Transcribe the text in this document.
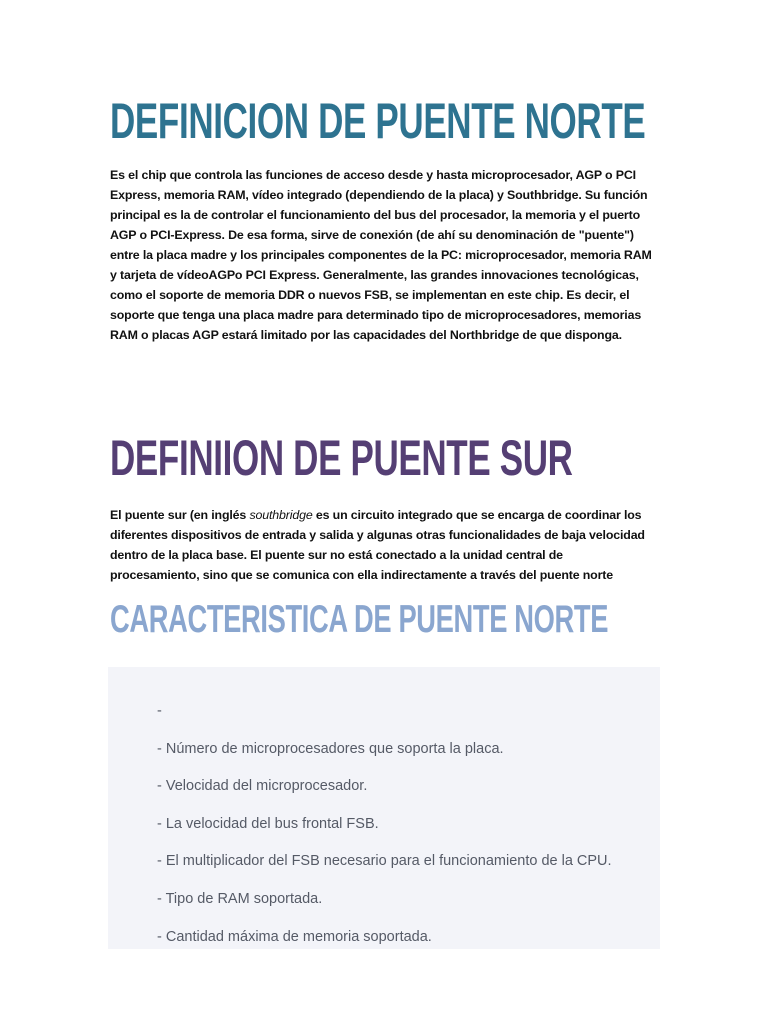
DEFINICION DE PUENTE NORTE

Es el chip que controla las funciones de acceso desde y hasta microprocesador, AGP o PCI Express, memoria RAM, vídeo integrado (dependiendo de la placa) y Southbridge. Su función principal es la de controlar el funcionamiento del bus del procesador, la memoria y el puerto AGP o PCI-Express. De esa forma, sirve de conexión (de ahí su denominación de "puente") entre la placa madre y los principales componentes de la PC: microprocesador, memoria RAM y tarjeta de vídeoAGPo PCI Express. Generalmente, las grandes innovaciones tecnológicas, como el soporte de memoria DDR o nuevos FSB, se implementan en este chip. Es decir, el soporte que tenga una placa madre para determinado tipo de microprocesadores, memorias RAM o placas AGP estará limitado por las capacidades del Northbridge de que disponga.

DEFINIION DE PUENTE SUR

El puente sur (en inglés southbridge es un circuito integrado que se encarga de coordinar los diferentes dispositivos de entrada y salida y algunas otras funcionalidades de baja velocidad dentro de la placa base. El puente sur no está conectado a la unidad central de procesamiento, sino que se comunica con ella indirectamente a través del puente norte

CARACTERISTICA DE PUENTE NORTE
-
- Número de microprocesadores que soporta la placa.
- Velocidad del microprocesador.
- La velocidad del bus frontal FSB.
- El multiplicador del FSB necesario para el funcionamiento de la CPU.
- Tipo de RAM soportada.
- Cantidad máxima de memoria soportada.
